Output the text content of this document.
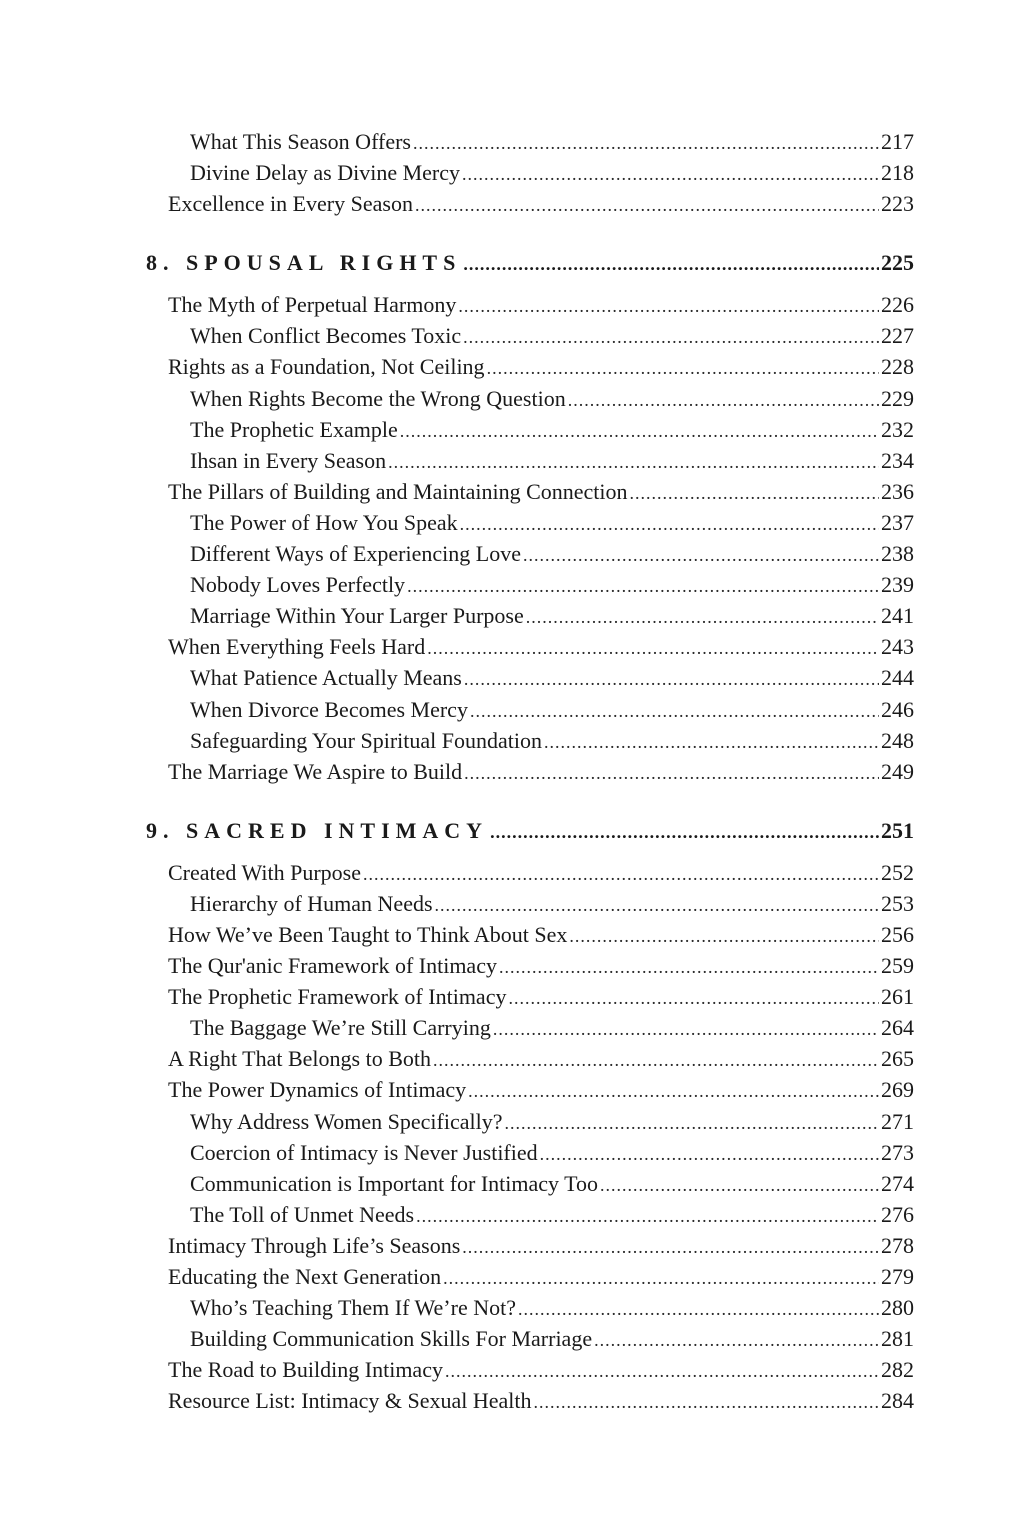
What This Season Offers .....	217
Divine Delay as Divine Mercy .....	218
Excellence in Every Season .....	223
8. SPOUSAL RIGHTS .....	225
The Myth of Perpetual Harmony .....	226
When Conflict Becomes Toxic .....	227
Rights as a Foundation, Not Ceiling .....	228
When Rights Become the Wrong Question .....	229
The Prophetic Example .....	232
Ihsan in Every Season .....	234
The Pillars of Building and Maintaining Connection .....	236
The Power of How You Speak .....	237
Different Ways of Experiencing Love .....	238
Nobody Loves Perfectly .....	239
Marriage Within Your Larger Purpose .....	241
When Everything Feels Hard .....	243
What Patience Actually Means .....	244
When Divorce Becomes Mercy .....	246
Safeguarding Your Spiritual Foundation .....	248
The Marriage We Aspire to Build .....	249
9. SACRED INTIMACY .....	251
Created With Purpose .....	252
Hierarchy of Human Needs .....	253
How We’ve Been Taught to Think About Sex .....	256
The Qur'anic Framework of Intimacy .....	259
The Prophetic Framework of Intimacy .....	261
The Baggage We’re Still Carrying .....	264
A Right That Belongs to Both .....	265
The Power Dynamics of Intimacy .....	269
Why Address Women Specifically? .....	271
Coercion of Intimacy is Never Justified .....	273
Communication is Important for Intimacy Too .....	274
The Toll of Unmet Needs .....	276
Intimacy Through Life’s Seasons .....	278
Educating the Next Generation .....	279
Who’s Teaching Them If We’re Not? .....	280
Building Communication Skills For Marriage .....	281
The Road to Building Intimacy .....	282
Resource List: Intimacy & Sexual Health .....	284
